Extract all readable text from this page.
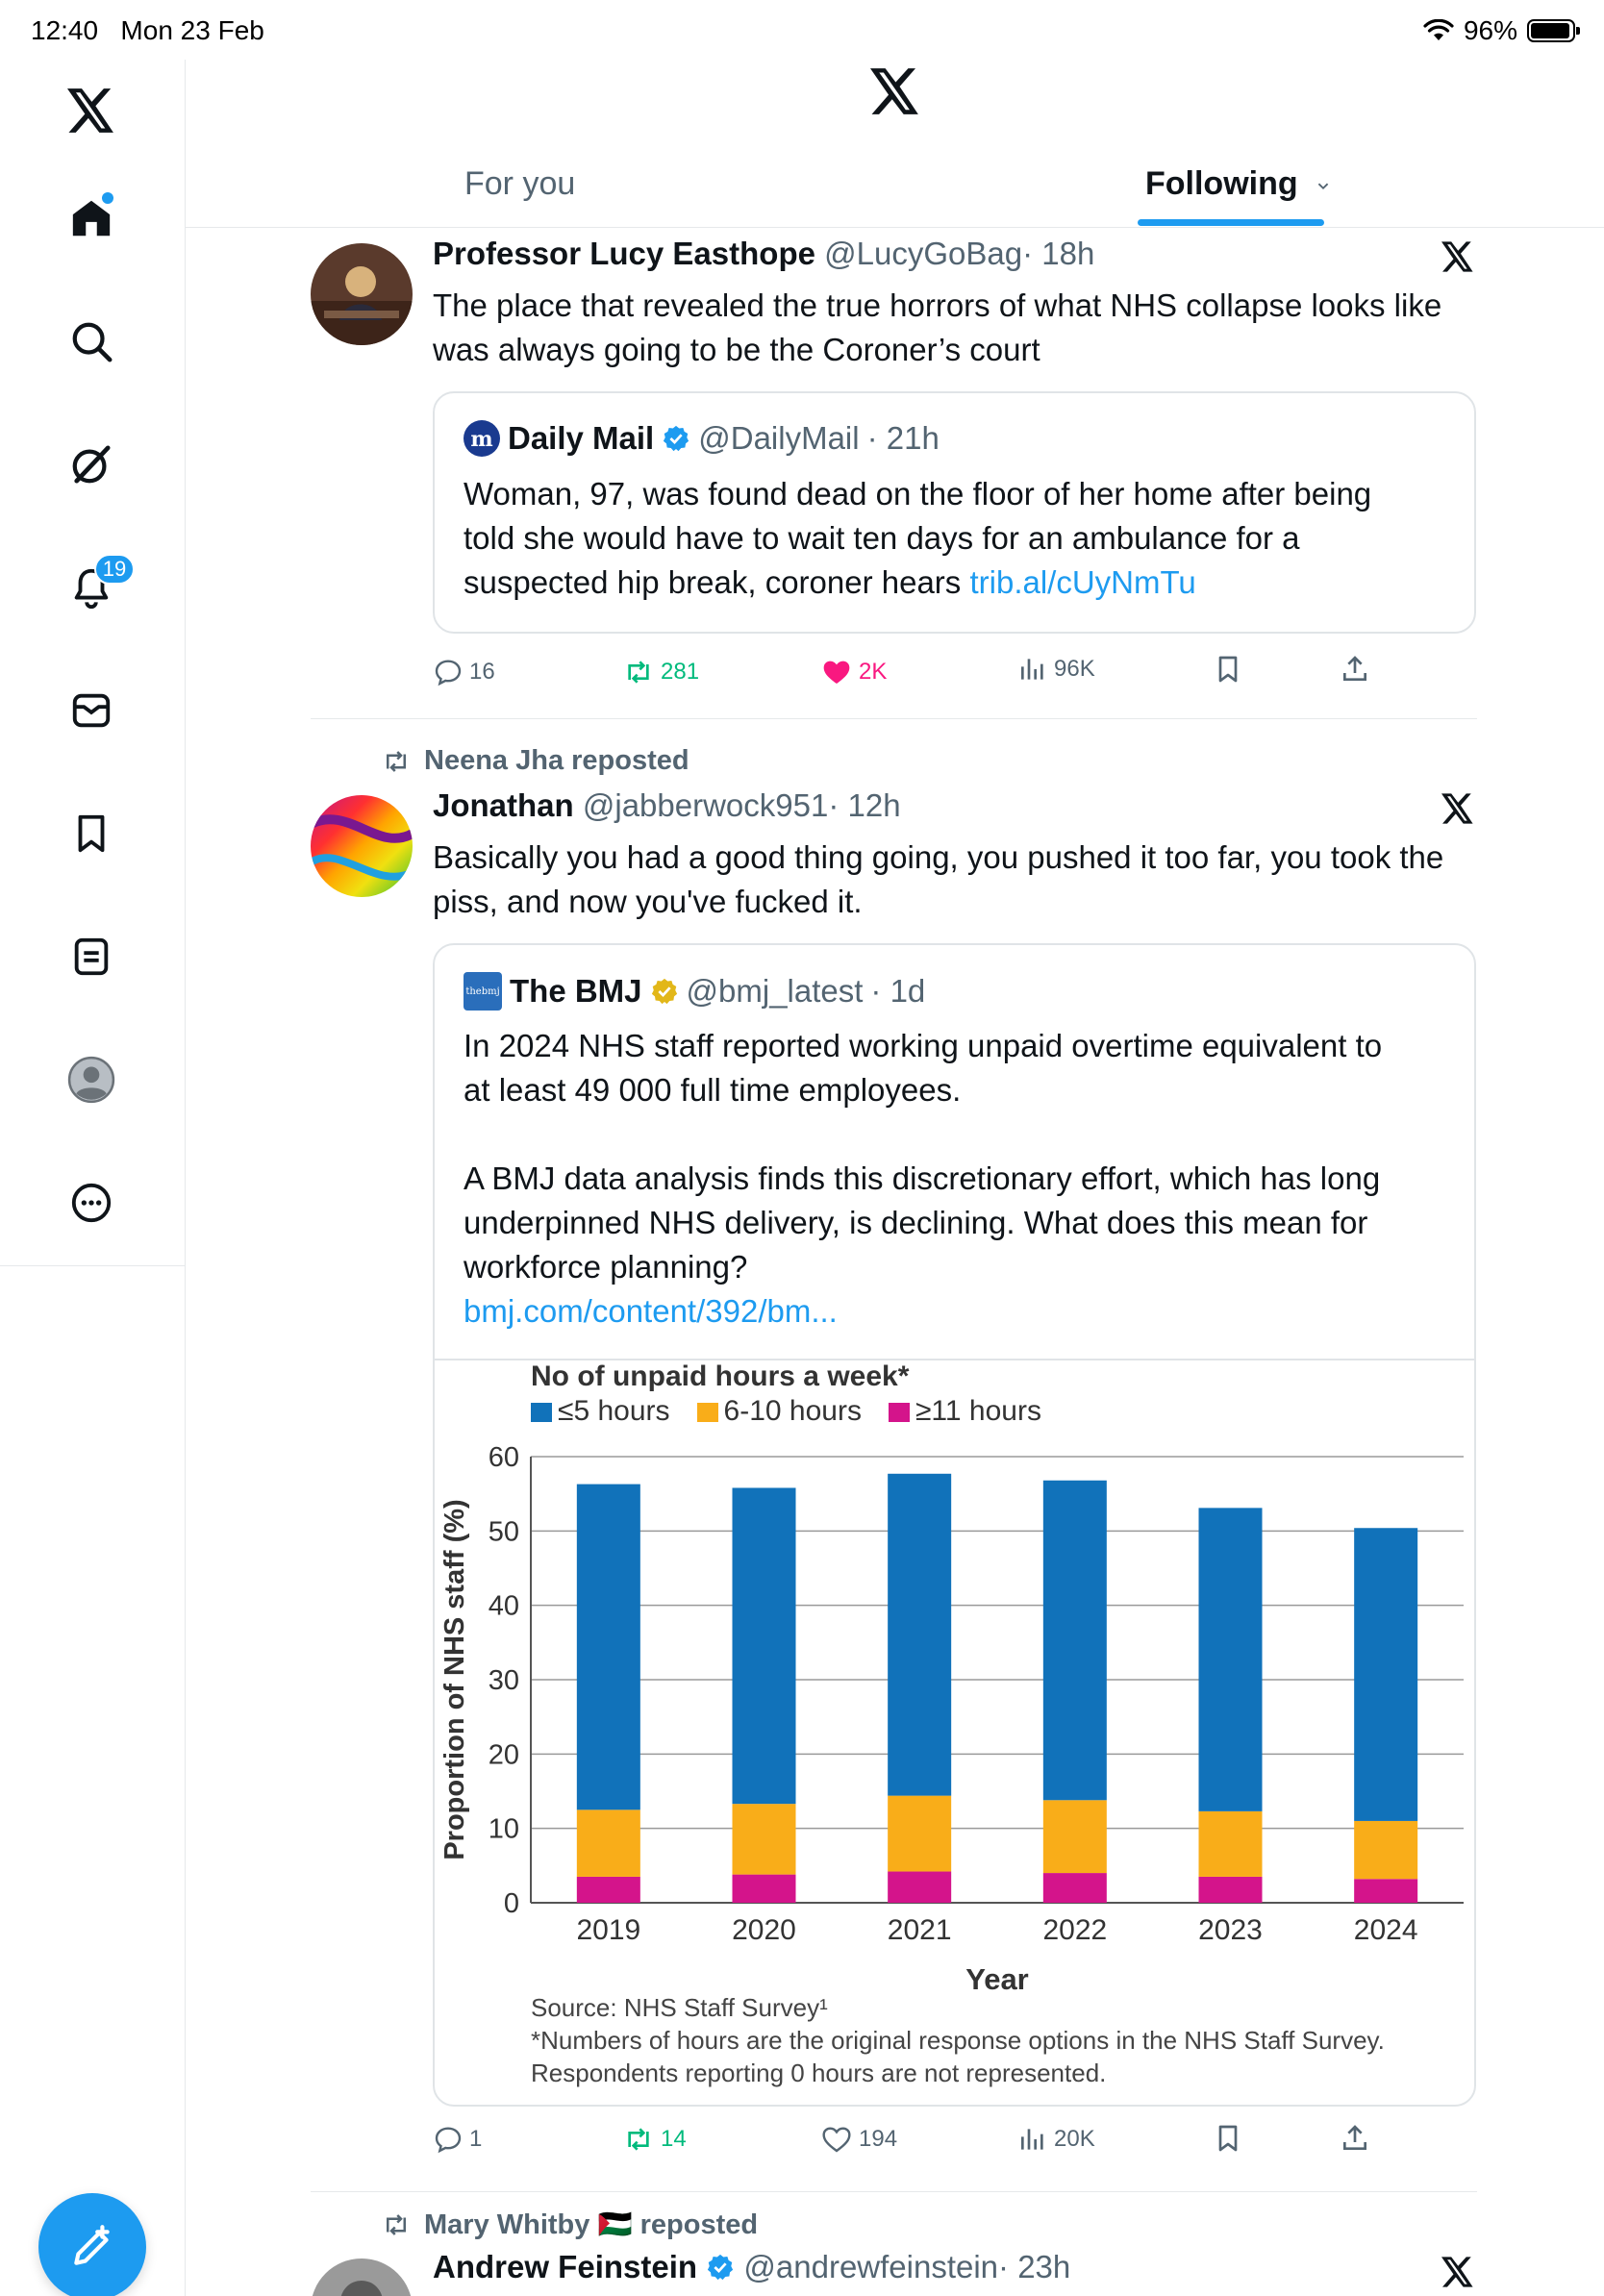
12:40 Mon 23 Feb	96%
19
For you	Following
Professor Lucy Easthope @LucyGoBag· 18h
The place that revealed the true horrors of what NHS collapse looks like
was always going to be the Coroner’s court
m Daily Mail @DailyMail · 21h
Woman, 97, was found dead on the floor of her home after being
told she would have to wait ten days for an ambulance for a
suspected hip break, coroner hears trib.al/cUyNmTu
16	281	2K	96K
Neena Jha reposted
Jonathan @jabberwock951· 12h
Basically you had a good thing going, you pushed it too far, you took the
piss, and now you've fucked it.
thebmj The BMJ @bmj_latest · 1d
In 2024 NHS staff reported working unpaid overtime equivalent to
at least 49 000 full time employees.
A BMJ data analysis finds this discretionary effort, which has long
underpinned NHS delivery, is declining. What does this mean for
workforce planning?
bmj.com/content/392/bm...
No of unpaid hours a week*
≤5 hours	6-10 hours	≥11 hours
0
10
20
30
40
50
60
2019	2020	2021	2022	2023	2024
Year
Proportion of NHS staff (%)
Source: NHS Staff Survey¹
*Numbers of hours are the original response options in the NHS Staff Survey.
Respondents reporting 0 hours are not represented.
1	14	194	20K
Mary Whitby 🇵🇸 reposted
Andrew Feinstein @andrewfeinstein· 23h
